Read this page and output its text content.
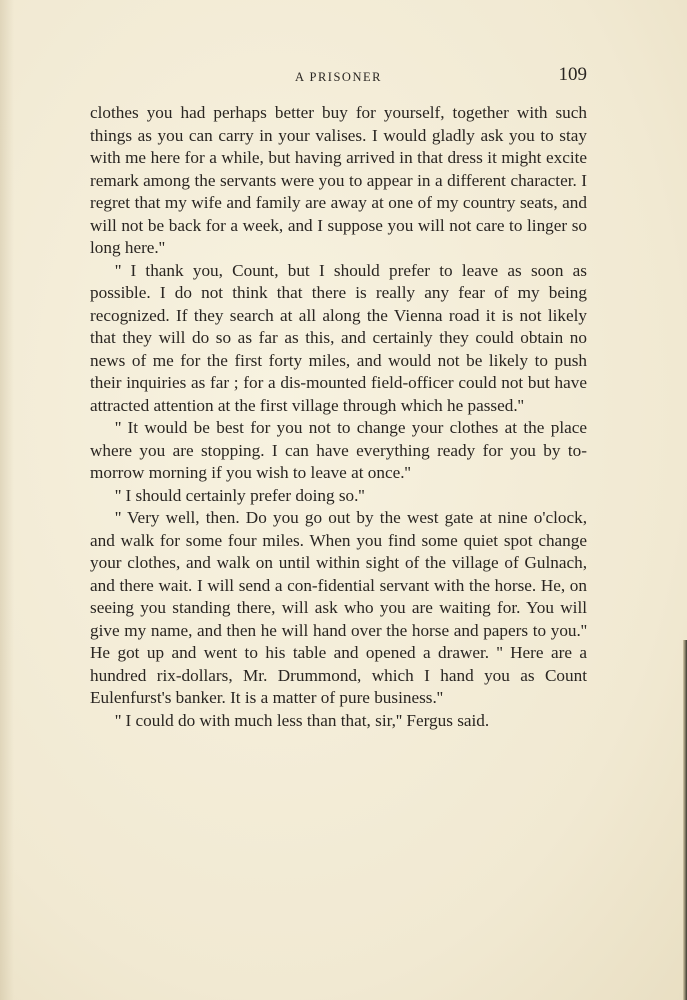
A PRISONER	109

clothes you had perhaps better buy for yourself, together with such things as you can carry in your valises. I would gladly ask you to stay with me here for a while, but having arrived in that dress it might excite remark among the servants were you to appear in a different character. I regret that my wife and family are away at one of my country seats, and will not be back for a week, and I suppose you will not care to linger so long here.''

'' I thank you, Count, but I should prefer to leave as soon as possible. I do not think that there is really any fear of my being recognized. If they search at all along the Vienna road it is not likely that they will do so as far as this, and certainly they could obtain no news of me for the first forty miles, and would not be likely to push their inquiries as far ; for a dis-mounted field-officer could not but have attracted attention at the first village through which he passed.''

'' It would be best for you not to change your clothes at the place where you are stopping. I can have everything ready for you by to-morrow morning if you wish to leave at once.''

'' I should certainly prefer doing so.''

'' Very well, then. Do you go out by the west gate at nine o'clock, and walk for some four miles. When you find some quiet spot change your clothes, and walk on until within sight of the village of Gulnach, and there wait. I will send a con-fidential servant with the horse. He, on seeing you standing there, will ask who you are waiting for. You will give my name, and then he will hand over the horse and papers to you.'' He got up and went to his table and opened a drawer. '' Here are a hundred rix-dollars, Mr. Drummond, which I hand you as Count Eulenfurst's banker. It is a matter of pure business.''

'' I could do with much less than that, sir,'' Fergus said.
